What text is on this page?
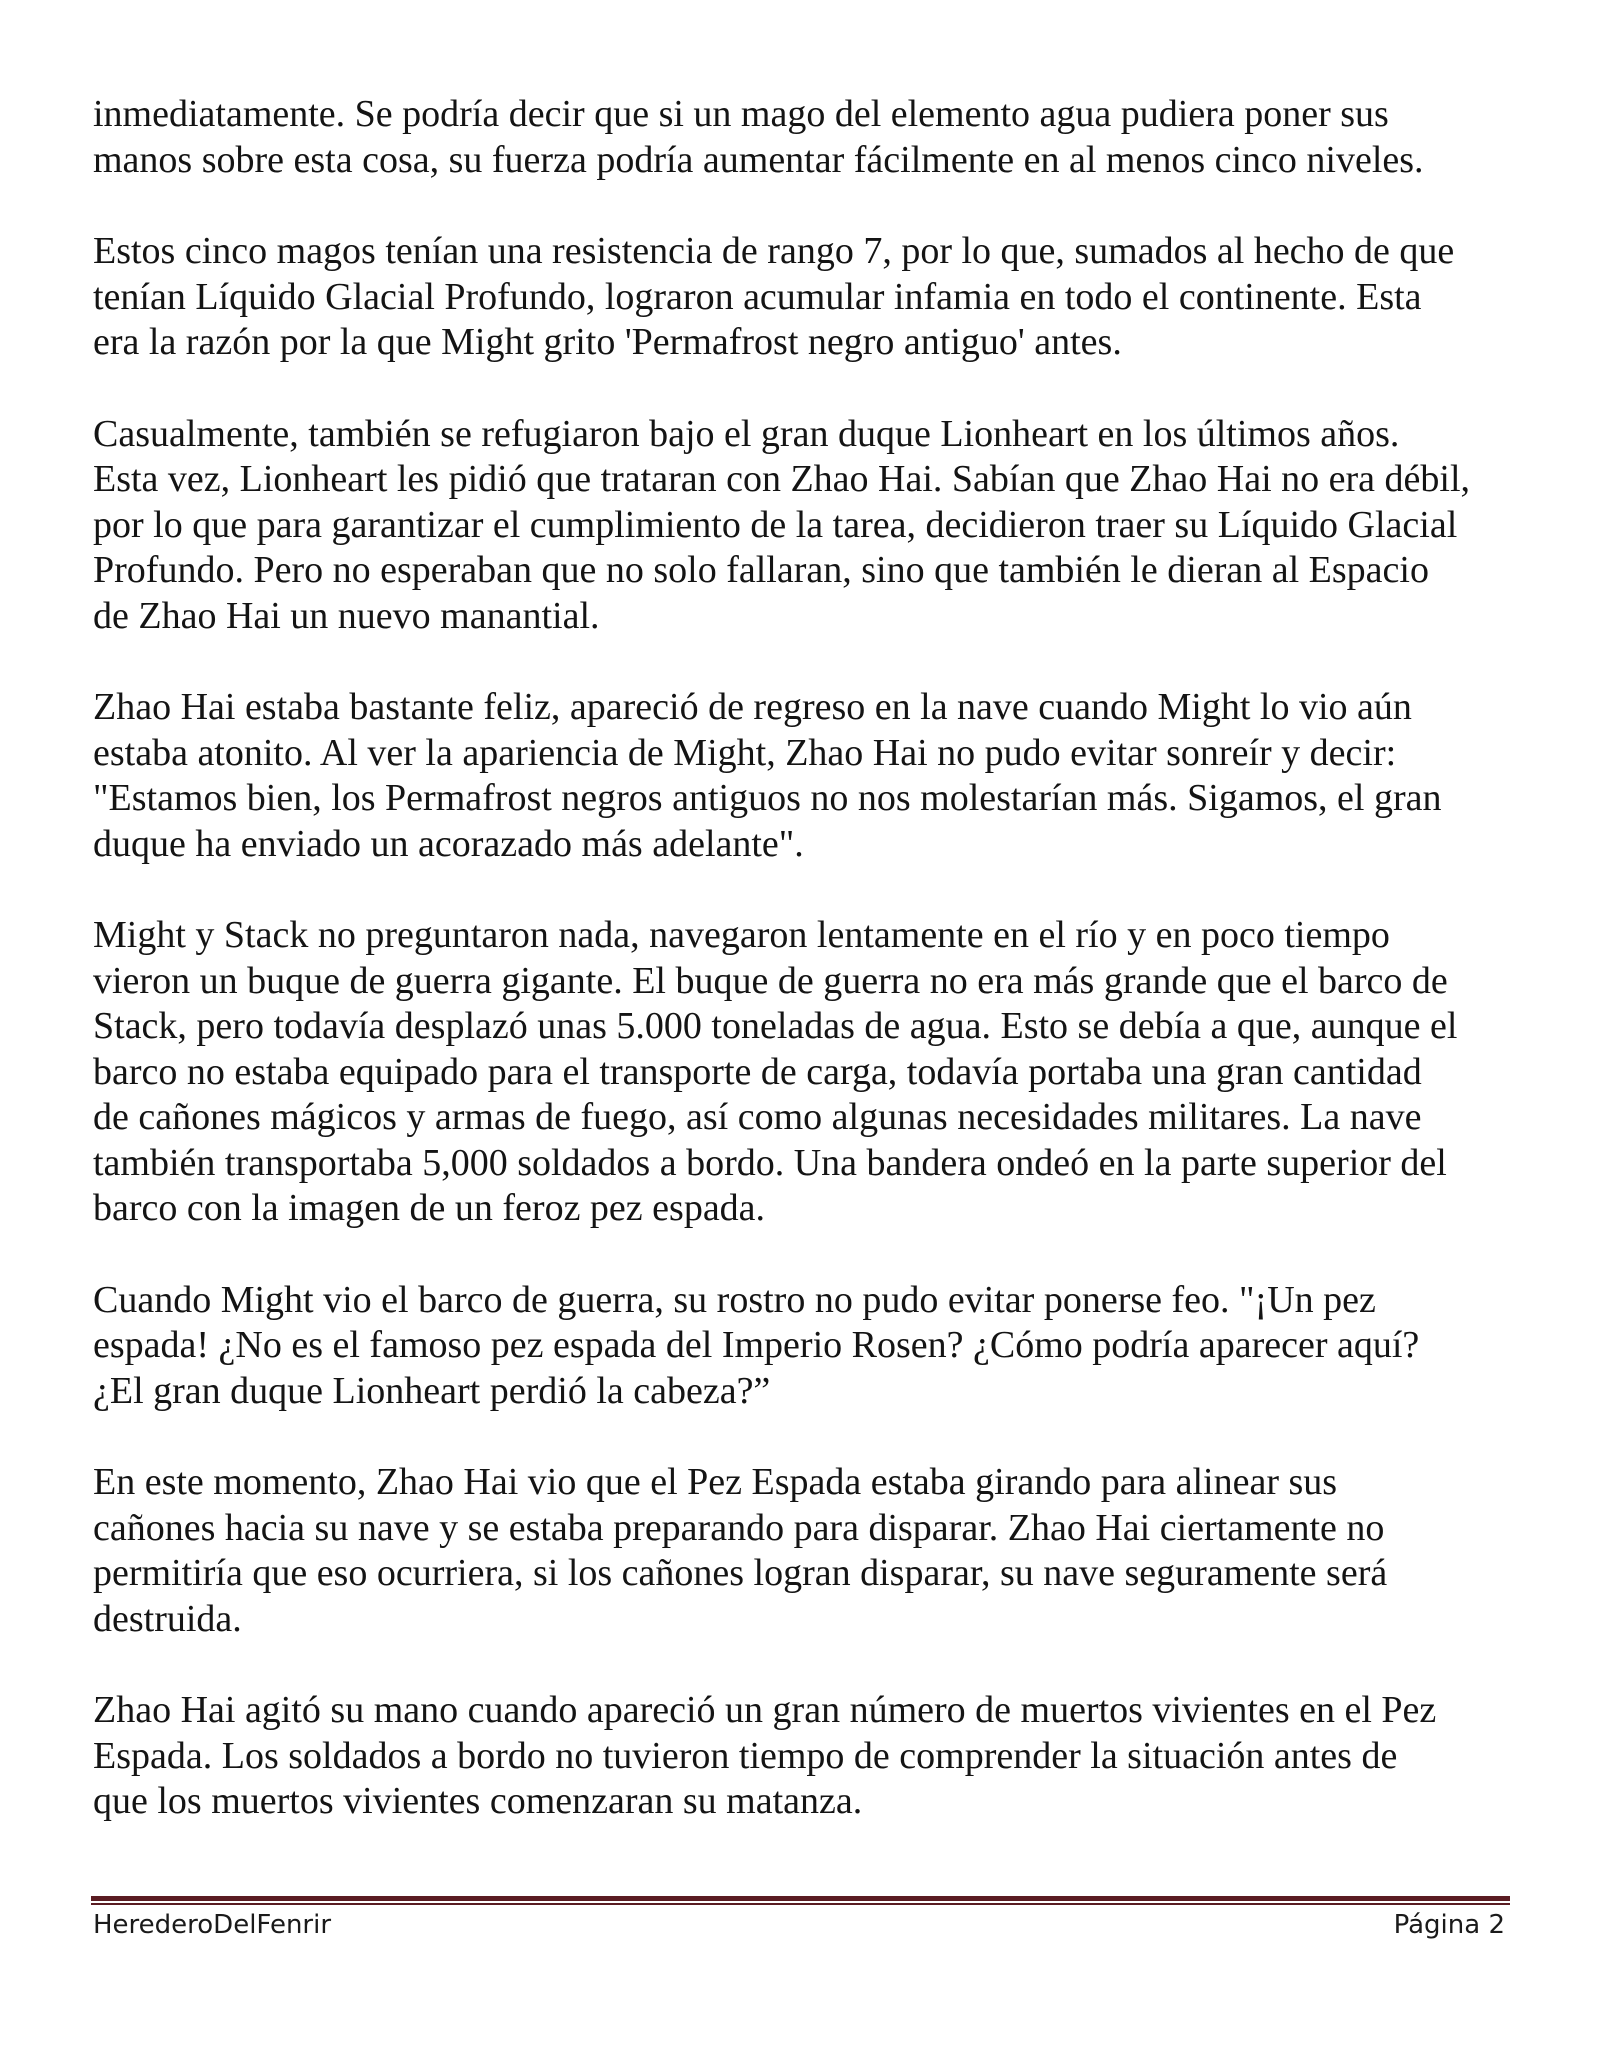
inmediatamente. Se podría decir que si un mago del elemento agua pudiera poner sus
manos sobre esta cosa, su fuerza podría aumentar fácilmente en al menos cinco niveles.

Estos cinco magos tenían una resistencia de rango 7, por lo que, sumados al hecho de que
tenían Líquido Glacial Profundo, lograron acumular infamia en todo el continente. Esta
era la razón por la que Might grito 'Permafrost negro antiguo' antes.

Casualmente, también se refugiaron bajo el gran duque Lionheart en los últimos años.
Esta vez, Lionheart les pidió que trataran con Zhao Hai. Sabían que Zhao Hai no era débil,
por lo que para garantizar el cumplimiento de la tarea, decidieron traer su Líquido Glacial
Profundo. Pero no esperaban que no solo fallaran, sino que también le dieran al Espacio
de Zhao Hai un nuevo manantial.

Zhao Hai estaba bastante feliz, apareció de regreso en la nave cuando Might lo vio aún
estaba atonito. Al ver la apariencia de Might, Zhao Hai no pudo evitar sonreír y decir:
"Estamos bien, los Permafrost negros antiguos no nos molestarían más. Sigamos, el gran
duque ha enviado un acorazado más adelante".

Might y Stack no preguntaron nada, navegaron lentamente en el río y en poco tiempo
vieron un buque de guerra gigante. El buque de guerra no era más grande que el barco de
Stack, pero todavía desplazó unas 5.000 toneladas de agua. Esto se debía a que, aunque el
barco no estaba equipado para el transporte de carga, todavía portaba una gran cantidad
de cañones mágicos y armas de fuego, así como algunas necesidades militares. La nave
también transportaba 5,000 soldados a bordo. Una bandera ondeó en la parte superior del
barco con la imagen de un feroz pez espada.

Cuando Might vio el barco de guerra, su rostro no pudo evitar ponerse feo. "¡Un pez
espada! ¿No es el famoso pez espada del Imperio Rosen? ¿Cómo podría aparecer aquí?
¿El gran duque Lionheart perdió la cabeza?”

En este momento, Zhao Hai vio que el Pez Espada estaba girando para alinear sus
cañones hacia su nave y se estaba preparando para disparar. Zhao Hai ciertamente no
permitiría que eso ocurriera, si los cañones logran disparar, su nave seguramente será
destruida.

Zhao Hai agitó su mano cuando apareció un gran número de muertos vivientes en el Pez
Espada. Los soldados a bordo no tuvieron tiempo de comprender la situación antes de
que los muertos vivientes comenzaran su matanza.

HerederoDelFenrir	Página 2
